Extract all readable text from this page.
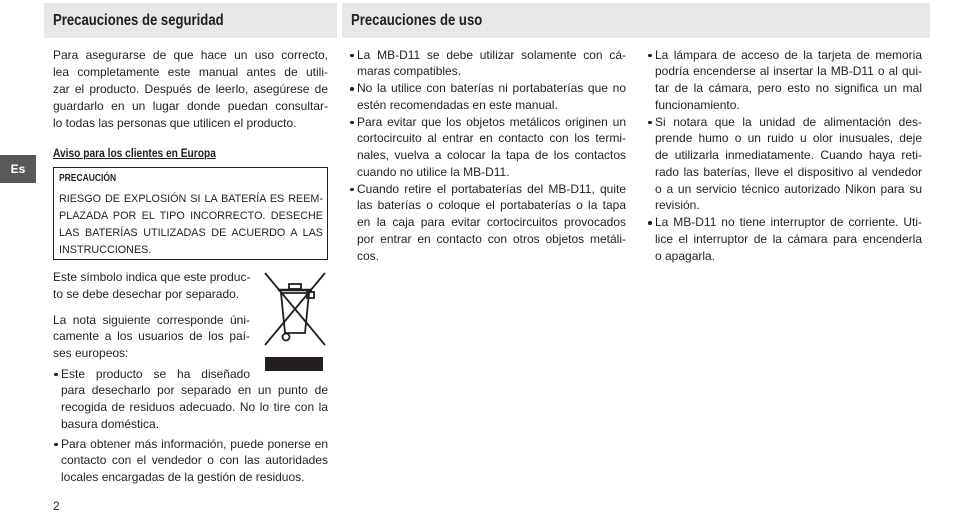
Precauciones de seguridad	Precauciones de uso
Es
Para asegurarse de que hace un uso correcto,
lea completamente este manual antes de utili-
zar el producto. Después de leerlo, asegúrese de
guardarlo en un lugar donde puedan consultar-
lo todas las personas que utilicen el producto.
Aviso para los clientes en Europa
PRECAUCIÓN
RIESGO DE EXPLOSIÓN SI LA BATERÍA ES REEM-
PLAZADA POR EL TIPO INCORRECTO. DESECHE
LAS BATERÍAS UTILIZADAS DE ACUERDO A LAS
INSTRUCCIONES.
Este símbolo indica que este produc-
to se debe desechar por separado.
La nota siguiente corresponde úni-
camente a los usuarios de los paí-
ses europeos:
Este producto se ha diseñado
para desecharlo por separado en un punto de
recogida de residuos adecuado. No lo tire con la
basura doméstica.
Para obtener más información, puede ponerse en
contacto con el vendedor o con las autoridades
locales encargadas de la gestión de residuos.
La MB-D11 se debe utilizar solamente con cá-
maras compatibles.
No la utilice con baterías ni portabaterías que no
estén recomendadas en este manual.
Para evitar que los objetos metálicos originen un
cortocircuito al entrar en contacto con los termi-
nales, vuelva a colocar la tapa de los contactos
cuando no utilice la MB-D11.
Cuando retire el portabaterías del MB-D11, quite
las baterías o coloque el portabaterías o la tapa
en la caja para evitar cortocircuitos provocados
por entrar en contacto con otros objetos metáli-
cos.
La lámpara de acceso de la tarjeta de memoria
podría encenderse al insertar la MB-D11 o al qui-
tar de la cámara, pero esto no significa un mal
funcionamiento.
Si notara que la unidad de alimentación des-
prende humo o un ruido u olor inusuales, deje
de utilizarla inmediatamente. Cuando haya reti-
rado las baterías, lleve el dispositivo al vendedor
o a un servicio técnico autorizado Nikon para su
revisión.
La MB-D11 no tiene interruptor de corriente. Uti-
lice el interruptor de la cámara para encenderla
o apagarla.
2
